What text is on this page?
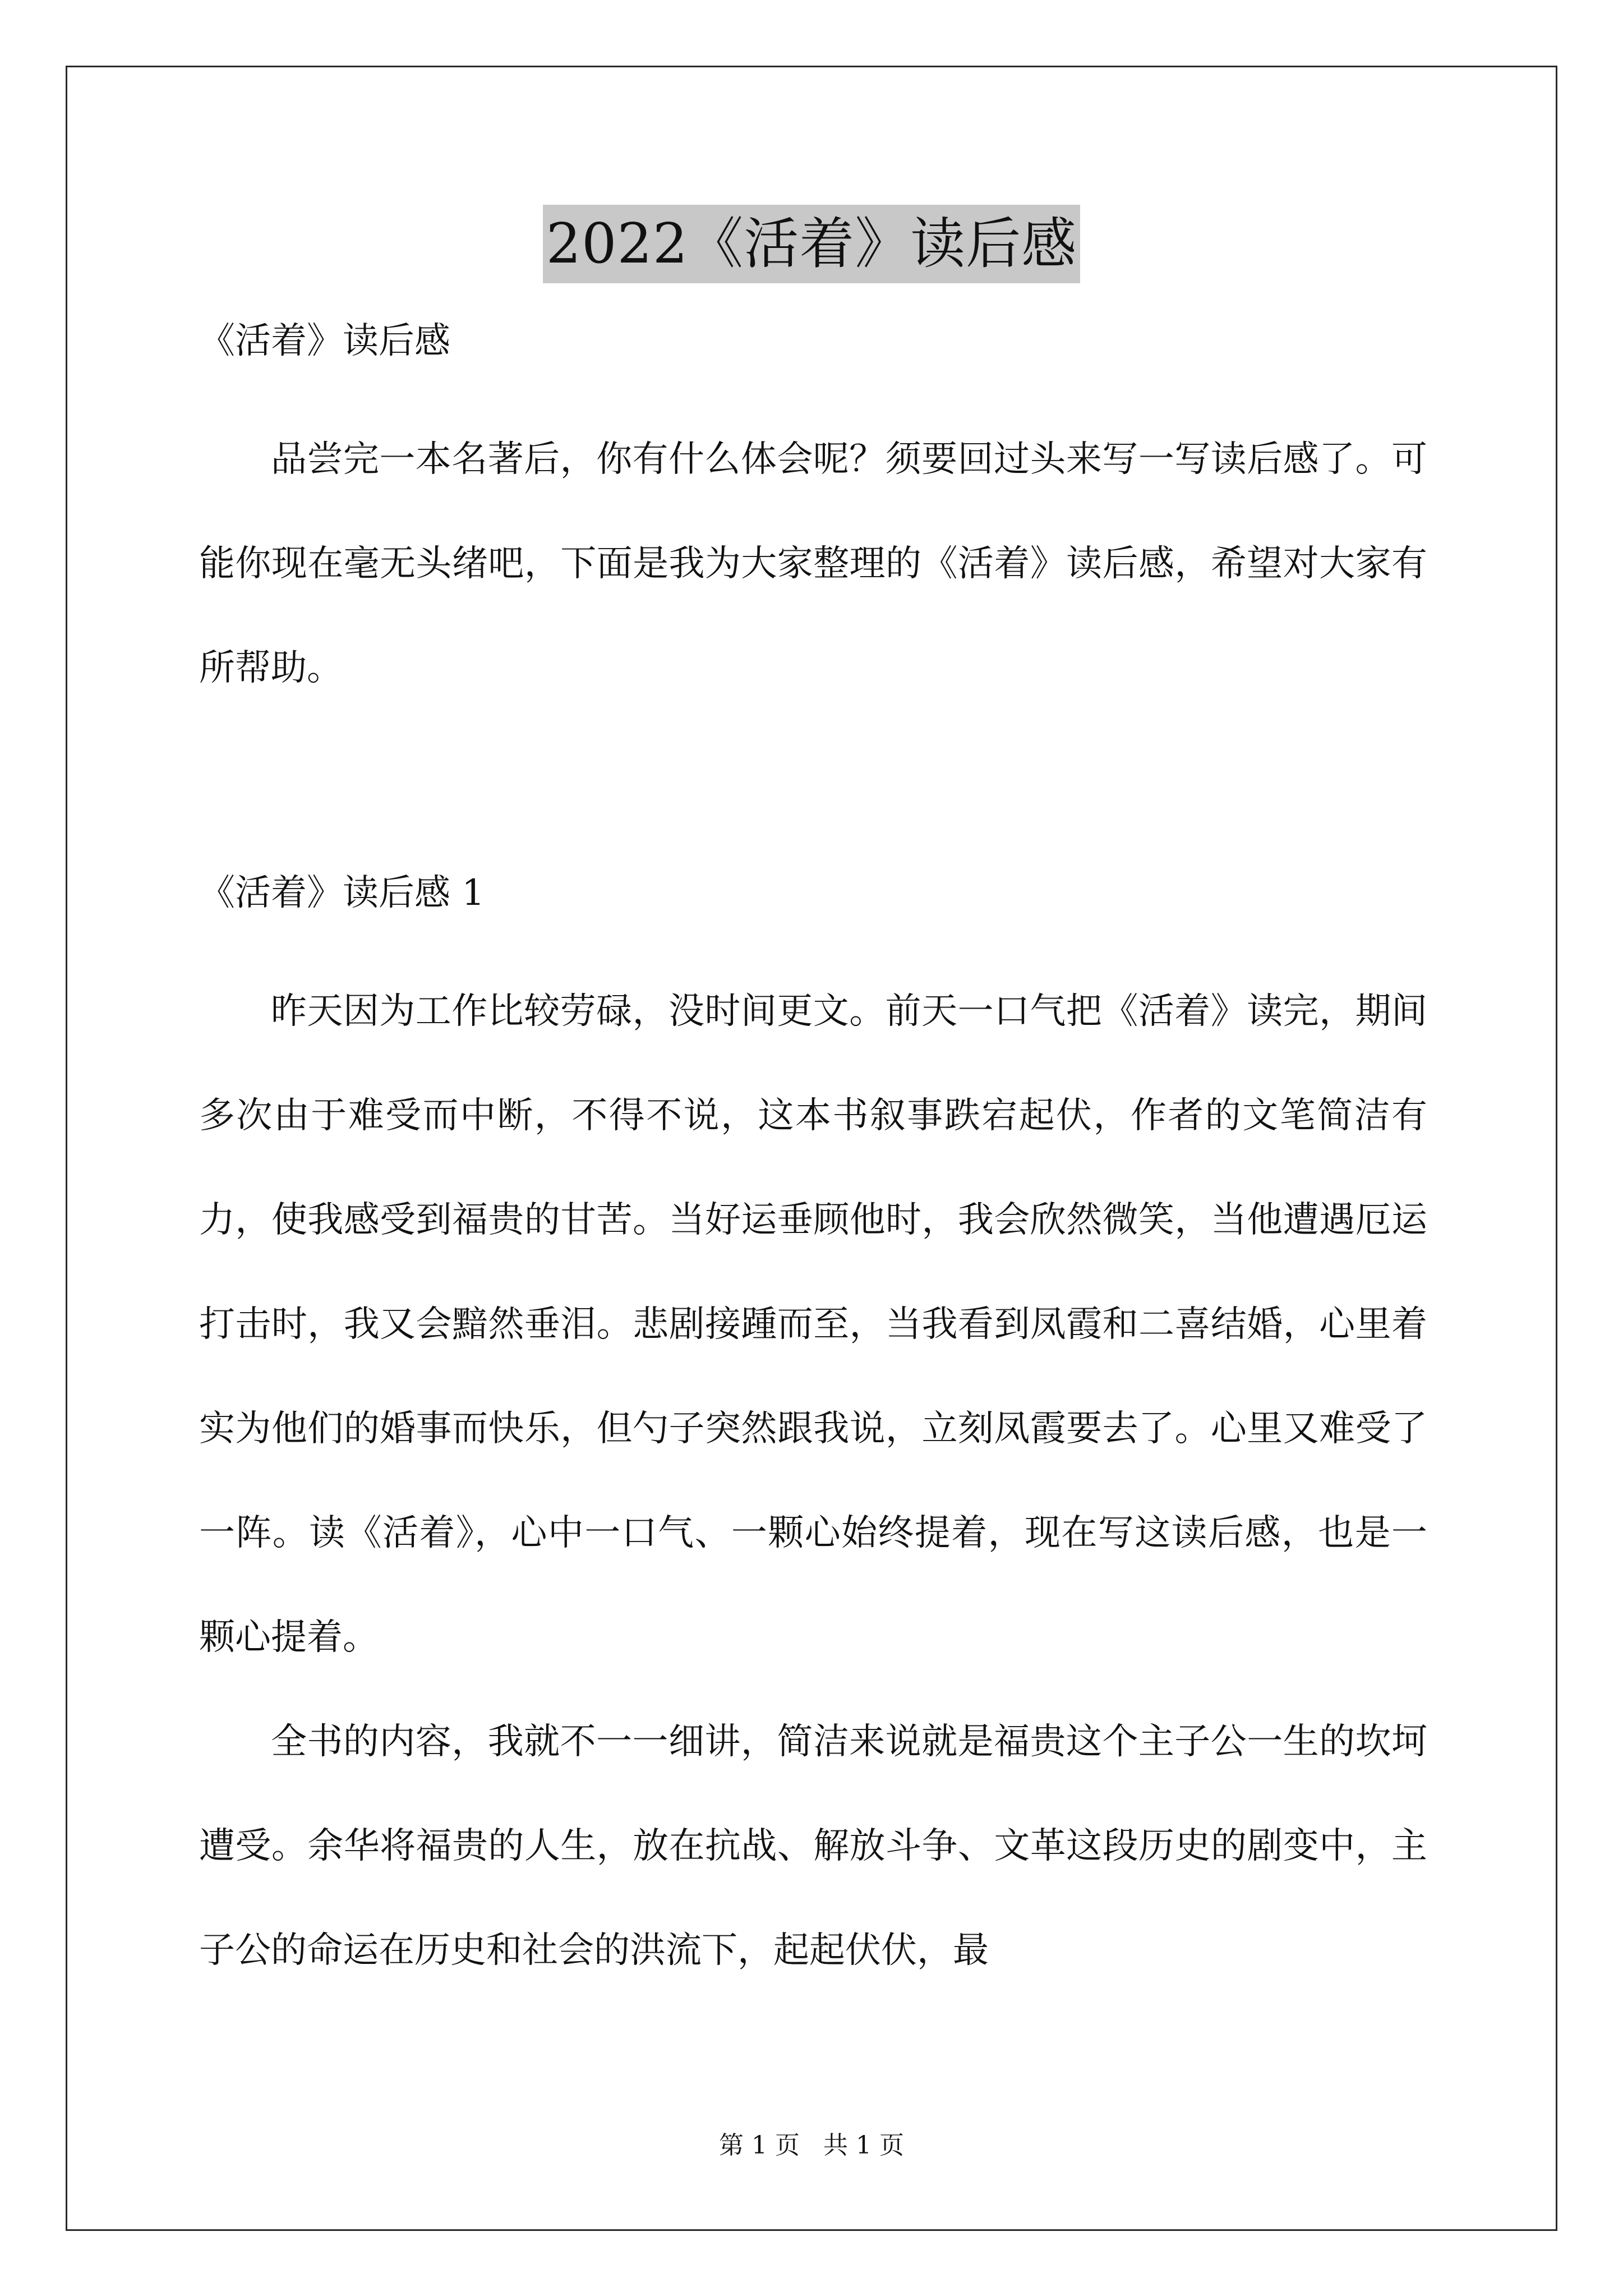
2022《活着》读后感

《活着》读后感

品尝完一本名著后，你有什么体会呢？须要回过头来写一写读后感了。可能你现在毫无头绪吧，下面是我为大家整理的《活着》读后感，希望对大家有所帮助。

《活着》读后感 1

昨天因为工作比较劳碌，没时间更文。前天一口气把《活着》读完，期间多次由于难受而中断，不得不说，这本书叙事跌宕起伏，作者的文笔简洁有力，使我感受到福贵的甘苦。当好运垂顾他时，我会欣然微笑，当他遭遇厄运打击时，我又会黯然垂泪。悲剧接踵而至，当我看到凤霞和二喜结婚，心里着实为他们的婚事而快乐，但勺子突然跟我说，立刻凤霞要去了。心里又难受了一阵。读《活着》，心中一口气、一颗心始终提着，现在写这读后感，也是一颗心提着。

全书的内容，我就不一一细讲，简洁来说就是福贵这个主子公一生的坎坷遭受。余华将福贵的人生，放在抗战、解放斗争、文革这段历史的剧变中，主子公的命运在历史和社会的洪流下，起起伏伏，最

第 1 页   共 1 页
